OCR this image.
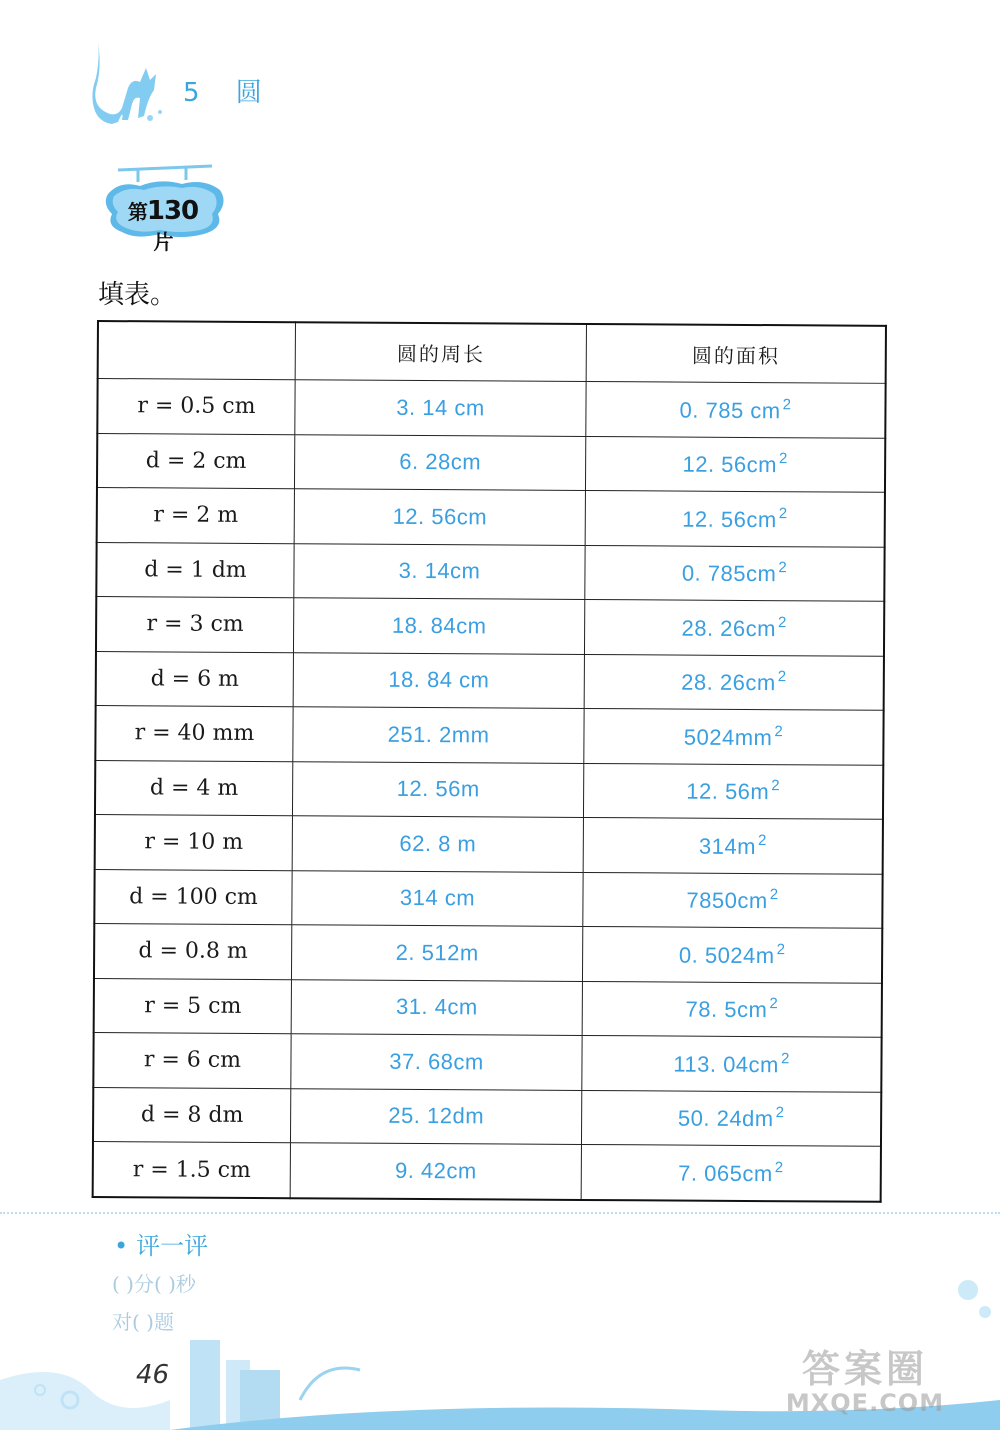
5 圆
第130片
填表。
	圆的周长	圆的面积
r = 0.5 cm	3. 14 cm	0. 785 cm $^2$
d = 2 cm	6. 28cm	12. 56cm $^2$
r = 2 m	12. 56cm	12. 56cm $^2$
d = 1 dm	3. 14cm	0. 785cm $^2$
r = 3 cm	18. 84cm	28. 26cm $^2$
d = 6 m	18. 84 cm	28. 26cm $^2$
r = 40 mm	251. 2mm	5024mm $^2$
d = 4 m	12. 56m	12. 56m $^2$
r = 10 m	62. 8 m	314m $^2$
d = 100 cm	314 cm	7850cm $^2$
d = 0.8 m	2. 512m	0. 5024m $^2$
r = 5 cm	31. 4cm	78. 5cm $^2$
r = 6 cm	37. 68cm	113. 04cm $^2$
d = 8 dm	25. 12dm	50. 24dm $^2$
r = 1.5 cm	9. 42cm	7. 065cm $^2$
• 评一评
( )分( )秒
对( )题
46	答案圈
MXQE.COM
